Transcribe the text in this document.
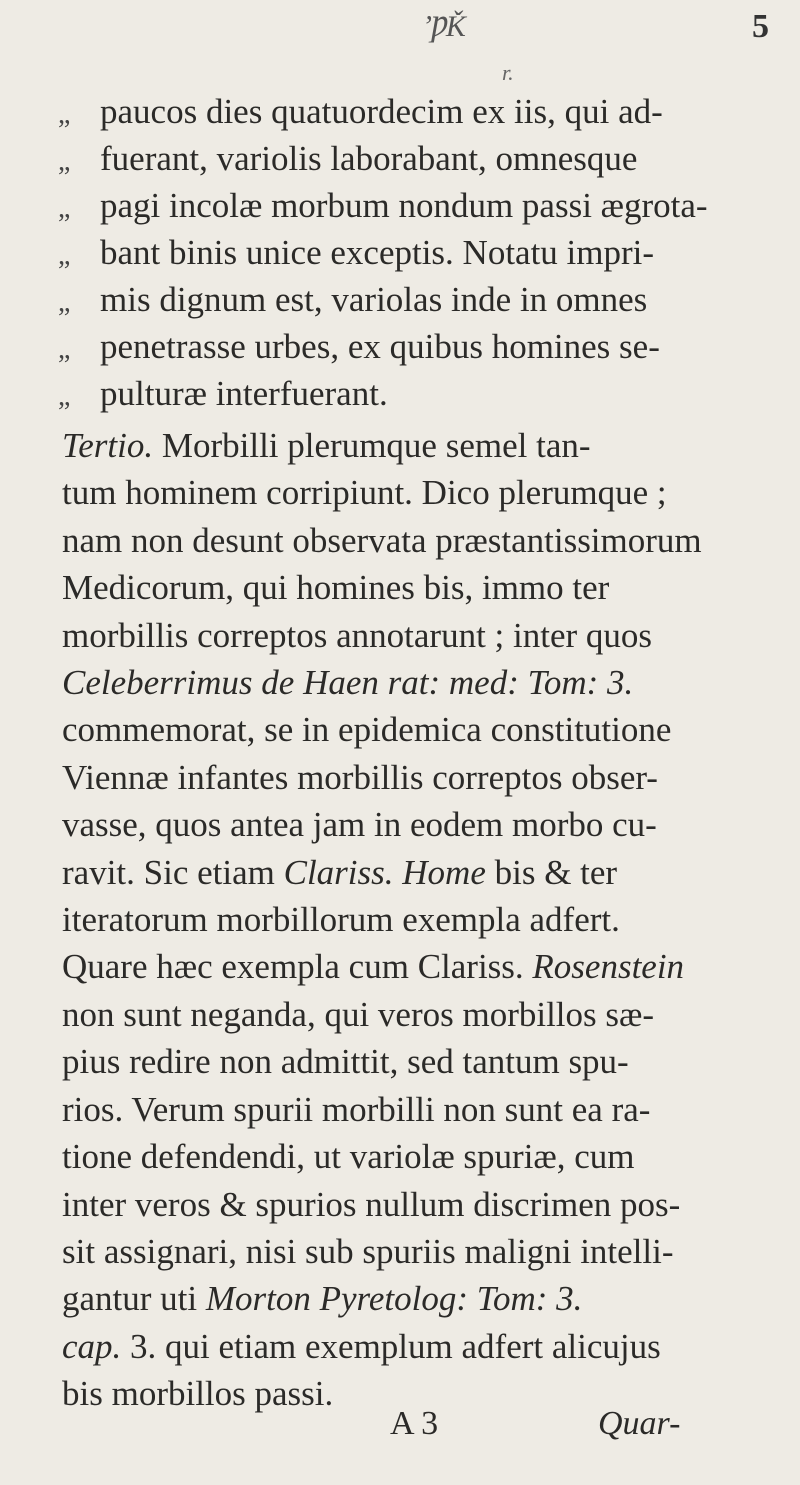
ʼǷǨ	5
r.
„ paucos dies quatuordecim ex iis, qui ad-
„ fuerant, variolis laborabant, omnesque
„ pagi incolæ morbum nondum passi ægrota-
„ bant binis unice exceptis. Notatu impri-
„ mis dignum est, variolas inde in omnes
„ penetrasse urbes, ex quibus homines se-
„ pulturæ interfuerant.
Tertio. Morbilli plerumque semel tan-
tum hominem corripiunt. Dico plerumque ;
nam non desunt observata præstantissimorum
Medicorum, qui homines bis, immo ter
morbillis correptos annotarunt ; inter quos
Celeberrimus de Haen rat: med: Tom: 3.
commemorat, se in epidemica constitutione
Viennæ infantes morbillis correptos obser-
vasse, quos antea jam in eodem morbo cu-
ravit. Sic etiam Clariss. Home bis & ter
iteratorum morbillorum exempla adfert.
Quare hæc exempla cum Clariss. Rosenstein
non sunt neganda, qui veros morbillos sæ-
pius redire non admittit, sed tantum spu-
rios. Verum spurii morbilli non sunt ea ra-
tione defendendi, ut variolæ spuriæ, cum
inter veros & spurios nullum discrimen pos-
sit assignari, nisi sub spuriis maligni intelli-
gantur uti Morton Pyretolog: Tom: 3.
cap. 3. qui etiam exemplum adfert alicujus
bis morbillos passi.
A 3	Quar-
